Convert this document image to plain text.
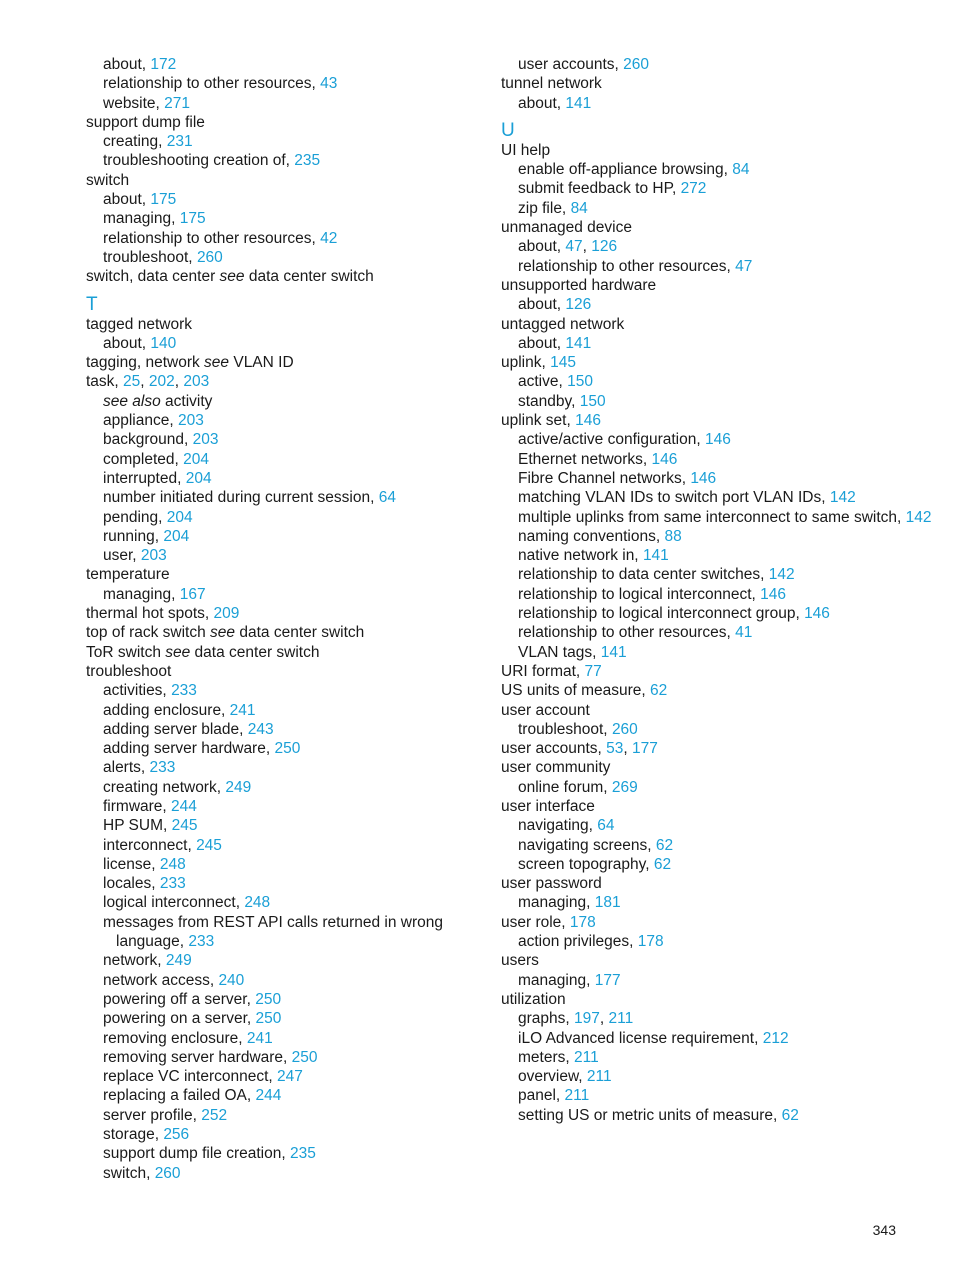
about, 172
relationship to other resources, 43
website, 271
support dump file
creating, 231
troubleshooting creation of, 235
switch
about, 175
managing, 175
relationship to other resources, 42
troubleshoot, 260
switch, data center see data center switch
T
tagged network
about, 140
tagging, network see VLAN ID
task, 25, 202, 203
see also activity
appliance, 203
background, 203
completed, 204
interrupted, 204
number initiated during current session, 64
pending, 204
running, 204
user, 203
temperature
managing, 167
thermal hot spots, 209
top of rack switch see data center switch
ToR switch see data center switch
troubleshoot
activities, 233
adding enclosure, 241
adding server blade, 243
adding server hardware, 250
alerts, 233
creating network, 249
firmware, 244
HP SUM, 245
interconnect, 245
license, 248
locales, 233
logical interconnect, 248
messages from REST API calls returned in wrong language, 233
network, 249
network access, 240
powering off a server, 250
powering on a server, 250
removing enclosure, 241
removing server hardware, 250
replace VC interconnect, 247
replacing a failed OA, 244
server profile, 252
storage, 256
support dump file creation, 235
switch, 260
user accounts, 260
tunnel network
about, 141
U
UI help
enable off-appliance browsing, 84
submit feedback to HP, 272
zip file, 84
unmanaged device
about, 47, 126
relationship to other resources, 47
unsupported hardware
about, 126
untagged network
about, 141
uplink, 145
active, 150
standby, 150
uplink set, 146
active/active configuration, 146
Ethernet networks, 146
Fibre Channel networks, 146
matching VLAN IDs to switch port VLAN IDs, 142
multiple uplinks from same interconnect to same switch, 142
naming conventions, 88
native network in, 141
relationship to data center switches, 142
relationship to logical interconnect, 146
relationship to logical interconnect group, 146
relationship to other resources, 41
VLAN tags, 141
URI format, 77
US units of measure, 62
user account
troubleshoot, 260
user accounts, 53, 177
user community
online forum, 269
user interface
navigating, 64
navigating screens, 62
screen topography, 62
user password
managing, 181
user role, 178
action privileges, 178
users
managing, 177
utilization
graphs, 197, 211
iLO Advanced license requirement, 212
meters, 211
overview, 211
panel, 211
setting US or metric units of measure, 62
343
